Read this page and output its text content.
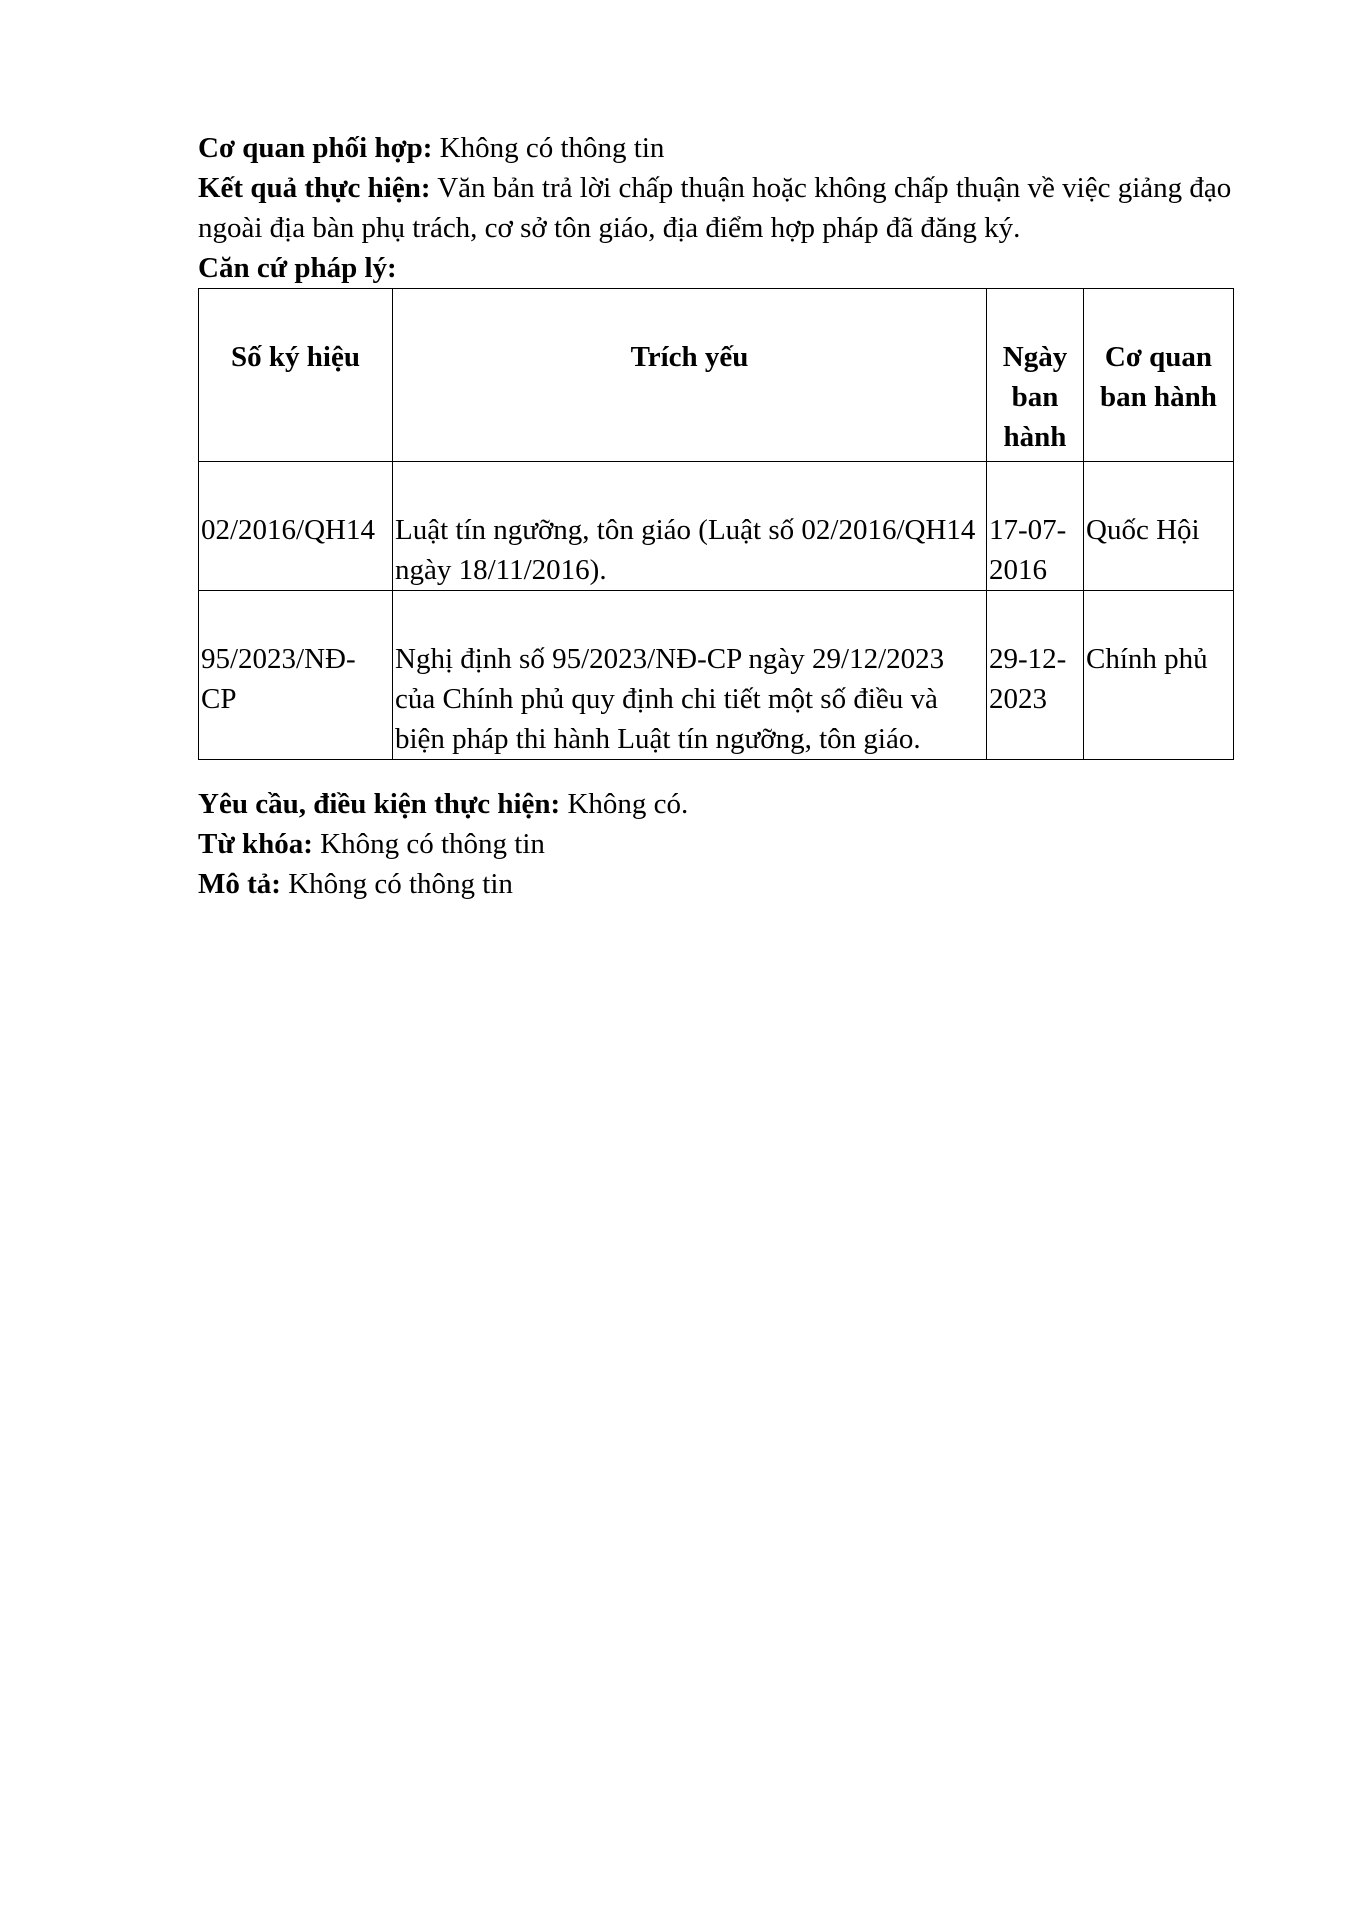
Cơ quan phối hợp: Không có thông tin

Kết quả thực hiện: Văn bản trả lời chấp thuận hoặc không chấp thuận về việc giảng đạo ngoài địa bàn phụ trách, cơ sở tôn giáo, địa điểm hợp pháp đã đăng ký.

Căn cứ pháp lý:

Số ký hiệu	Trích yếu	Ngày ban hành	Cơ quan ban hành
02/2016/QH14	Luật tín ngưỡng, tôn giáo (Luật số 02/2016/QH14 ngày 18/11/2016).	17-07-2016	Quốc Hội
95/2023/NĐ-CP	Nghị định số 95/2023/NĐ-CP ngày 29/12/2023 của Chính phủ quy định chi tiết một số điều và biện pháp thi hành Luật tín ngưỡng, tôn giáo.	29-12-2023	Chính phủ

Yêu cầu, điều kiện thực hiện: Không có.

Từ khóa: Không có thông tin

Mô tả: Không có thông tin
